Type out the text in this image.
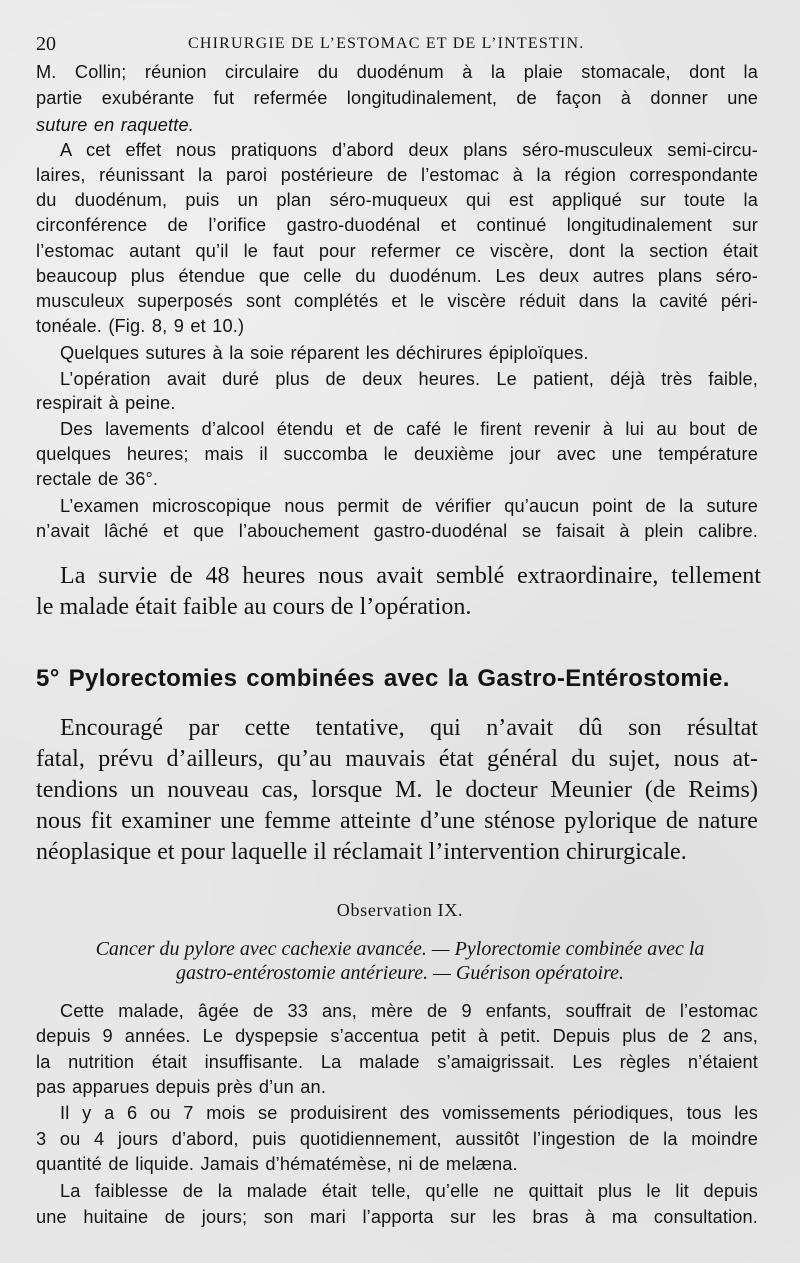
20	CHIRURGIE DE L’ESTOMAC ET DE L’INTESTIN.
M. Collin; réunion circulaire du duodénum à la plaie stomacale, dont la
partie exubérante fut refermée longitudinalement, de façon à donner une
suture en raquette.
A cet effet nous pratiquons d’abord deux plans séro-musculeux semi-circu-
laires, réunissant la paroi postérieure de l’estomac à la région correspondante
du duodénum, puis un plan séro-muqueux qui est appliqué sur toute la
circonférence de l’orifice gastro-duodénal et continué longitudinalement sur
l’estomac autant qu’il le faut pour refermer ce viscère, dont la section était
beaucoup plus étendue que celle du duodénum. Les deux autres plans séro-
musculeux superposés sont complétés et le viscère réduit dans la cavité péri-
tonéale. (Fig. 8, 9 et 10.)
Quelques sutures à la soie réparent les déchirures épiploïques.
L’opération avait duré plus de deux heures. Le patient, déjà très faible,
respirait à peine.
Des lavements d’alcool étendu et de café le firent revenir à lui au bout de
quelques heures; mais il succomba le deuxième jour avec une température
rectale de 36°.
L’examen microscopique nous permit de vérifier qu’aucun point de la suture
n’avait lâché et que l’abouchement gastro-duodénal se faisait à plein calibre.
La survie de 48 heures nous avait semblé extraordinaire, tellement
le malade était faible au cours de l’opération.
5° Pylorectomies combinées avec la Gastro-Entérostomie.
Encouragé par cette tentative, qui n’avait dû son résultat
fatal, prévu d’ailleurs, qu’au mauvais état général du sujet, nous at-
tendions un nouveau cas, lorsque M. le docteur Meunier (de Reims)
nous fit examiner une femme atteinte d’une sténose pylorique de nature
néoplasique et pour laquelle il réclamait l’intervention chirurgicale.
Observation IX.
Cancer du pylore avec cachexie avancée. — Pylorectomie combinée avec la
gastro-entérostomie antérieure. — Guérison opératoire.
Cette malade, âgée de 33 ans, mère de 9 enfants, souffrait de l’estomac
depuis 9 années. Le dyspepsie s’accentua petit à petit. Depuis plus de 2 ans,
la nutrition était insuffisante. La malade s’amaigrissait. Les règles n’étaient
pas apparues depuis près d’un an.
Il y a 6 ou 7 mois se produisirent des vomissements périodiques, tous les
3 ou 4 jours d’abord, puis quotidiennement, aussitôt l’ingestion de la moindre
quantité de liquide. Jamais d’hématémèse, ni de melæna.
La faiblesse de la malade était telle, qu’elle ne quittait plus le lit depuis
une huitaine de jours; son mari l’apporta sur les bras à ma consultation.
